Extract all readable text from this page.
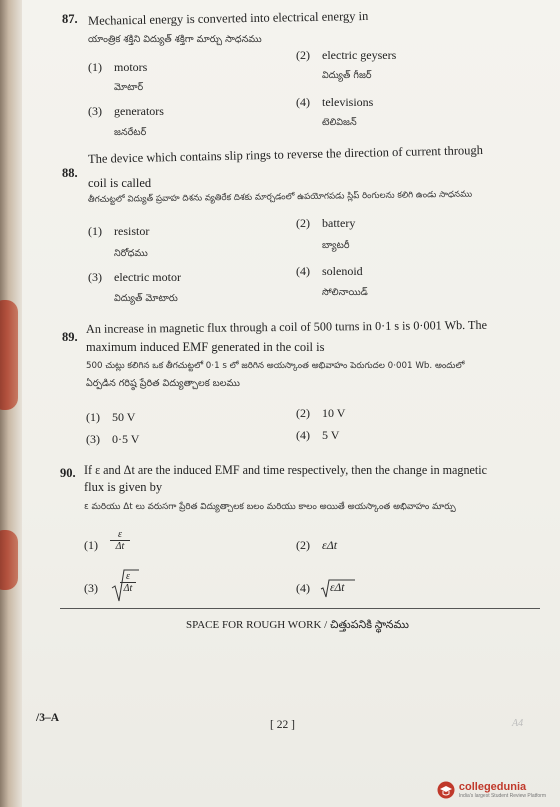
87. Mechanical energy is converted into electrical energy in
యాంత్రిక శక్తిని విద్యుత్ శక్తిగా మార్చు సాధనము
(1) motors
మోటార్
(2) electric geysers
విద్యుత్ గీజర్
(3) generators
జనరేటర్
(4) televisions
టెలివిజన్
88.
The device which contains slip rings to reverse the direction of current through
coil is called
తీగచుట్టలో విద్యుత్ ప్రవాహ దిశను వ్యతిరేక దిశకు మార్చడంలో ఉపయోగపడు స్లిప్ రింగులను కలిగి ఉండు సాధనము
(1) resistor
నిరోధము
(2) battery
బ్యాటరీ
(3) electric motor
విద్యుత్ మోటారు
(4) solenoid
సోలినాయిడ్
89.
An increase in magnetic flux through a coil of 500 turns in 0·1 s is 0·001 Wb. The
maximum induced EMF generated in the coil is
500 చుట్లు కలిగిన ఒక తీగచుట్టలో 0·1 s లో జరిగిన అయస్కాంత అభివాహం పెరుగుదల 0·001 Wb. అందులో
ఏర్పడిన గరిష్ఠ ప్రేరిత విద్యుత్చాలక బలము
(1) 50 V	(2) 10 V
(3) 0·5 V	(4) 5 V
90. If ε and Δt are the induced EMF and time respectively, then the change in magnetic
flux is given by
ε మరియు Δt లు వరుసగా ప్రేరిత విద్యుత్చాలక బలం మరియు కాలం అయితే అయస్కాంత అభివాహం మార్పు
(1)
ε
Δt	(2) εΔt
(3)
ε
Δt	(4)	εΔt
SPACE FOR ROUGH WORK / చిత్తుపనికి స్థానము
/3–A
[ 22 ]	A4
collegedunia
India's largest Student Review Platform
